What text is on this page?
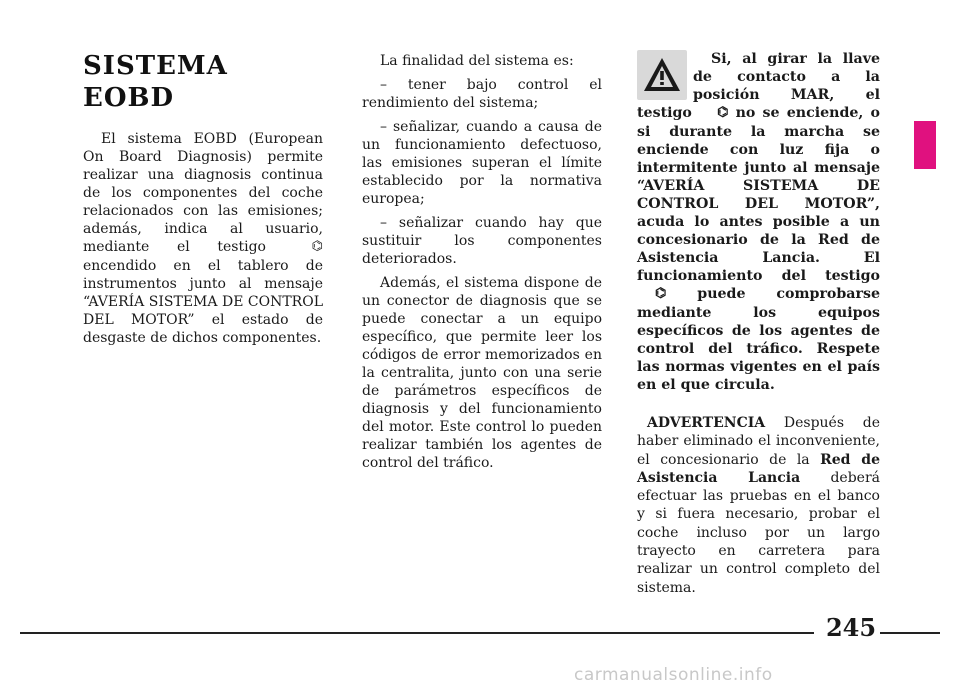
SISTEMA EOBD

El sistema EOBD (European On Board Diagnosis) permite realizar una diagnosis continua de los componentes del coche relacionados con las emisiones; además, indica al usuario, mediante el testigo	⌬ encendido en el tablero de instrumentos junto al mensaje “AVERÍA SISTEMA DE CONTROL DEL MOTOR” el estado de desgaste de dichos componentes.

La finalidad del sistema es:

– tener bajo control el rendimiento del sistema;

– señalizar, cuando a causa de un funcionamiento defectuoso, las emisiones superan el límite establecido por la normativa europea;

– señalizar cuando hay que sustituir los componentes deteriorados.

Además, el sistema dispone de un conector de diagnosis que se puede conectar a un equipo específico, que permite leer los códigos de error memorizados en la centralita, junto con una serie de parámetros específicos de diagnosis y del funcionamiento del motor. Este control lo pueden realizar también los agentes de control del tráfico.

Si, al girar la llave de contacto a la posición MAR, el testigo ⌬ no se enciende, o si durante la marcha se enciende con luz fija o intermitente junto al mensaje “AVERÍA SISTEMA DE CONTROL DEL MOTOR”, acuda lo antes posible a un concesionario de la Red de Asistencia Lancia. El funcionamiento del testigo ⌬ puede comprobarse mediante los equipos específicos de los agentes de control del tráfico. Respete las normas vigentes en el país en el que circula.

ADVERTENCIA Después de haber eliminado el inconveniente, el concesionario de la Red de Asistencia Lancia deberá efectuar las pruebas en el banco y si fuera necesario, probar el coche incluso por un largo trayecto en carretera para realizar un control completo del sistema.

245
carmanualsonline.info
